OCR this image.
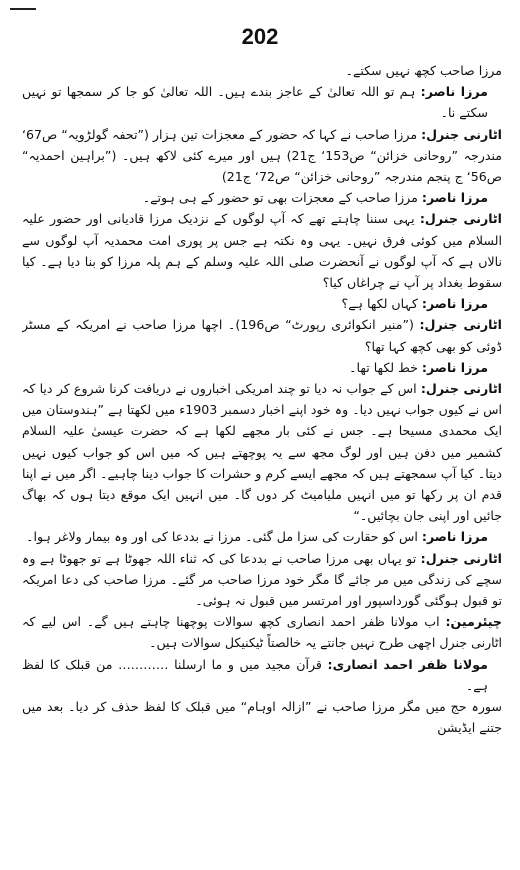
202

مرزا صاحب کچھ نہیں سکتے۔

مرزا ناصر: ہم تو اللہ تعالیٰ کے عاجز بندے ہیں۔ اللہ تعالیٰ کو جا کر سمجھا تو نہیں سکتے نا۔

اٹارنی جنرل: مرزا صاحب نے کہا کہ حضور کے معجزات تین ہزار (”تحفہ گولڑویہ“ ص67‘ مندرجہ ”روحانی خزائن“ ص153‘ ج21) ہیں اور میرے کئی لاکھ ہیں۔ (”براہین احمدیہ“ ص56‘ ج پنجم مندرجہ ”روحانی خزائن“ ص72‘ ج21)

مرزا ناصر: مرزا صاحب کے معجزات بھی تو حضور کے ہی ہوتے۔

اٹارنی جنرل: یہی سننا چاہتے تھے کہ آپ لوگوں کے نزدیک مرزا قادیانی اور حضور علیہ السلام میں کوئی فرق نہیں۔ یہی وہ نکتہ ہے جس پر پوری امت محمدیہ آپ لوگوں سے نالاں ہے کہ آپ لوگوں نے آنحضرت صلی اللہ علیہ وسلم کے ہم پلہ مرزا کو بنا دیا ہے۔ کیا سقوط بغداد پر آپ نے چراغاں کیا؟

مرزا ناصر: کہاں لکھا ہے؟

اٹارنی جنرل: (”منیر انکوائری رپورٹ“ ص196)۔ اچھا مرزا صاحب نے امریکہ کے مسٹر ڈوئی کو بھی کچھ کہا تھا؟

مرزا ناصر: خط لکھا تھا۔

اٹارنی جنرل: اس کے جواب نہ دیا تو چند امریکی اخباروں نے دریافت کرنا شروع کر دیا کہ اس نے کیوں جواب نہیں دیا۔ وہ خود اپنے اخبار دسمبر 1903ء میں لکھتا ہے ”ہندوستان میں ایک محمدی مسیحا ہے۔ جس نے کئی بار مجھے لکھا ہے کہ حضرت عیسیٰ علیہ السلام کشمیر میں دفن ہیں اور لوگ مجھ سے یہ پوچھتے ہیں کہ میں اس کو جواب کیوں نہیں دیتا۔ کیا آپ سمجھتے ہیں کہ مجھے ایسے کرم و حشرات کا جواب دینا چاہیے۔ اگر میں نے اپنا قدم ان پر رکھا تو میں انہیں ملیامیٹ کر دوں گا۔ میں انہیں ایک موقع دیتا ہوں کہ بھاگ جائیں اور اپنی جان بچائیں۔“

مرزا ناصر: اس کو حقارت کی سزا مل گئی۔ مرزا نے بددعا کی اور وہ بیمار ولاغر ہوا۔

اٹارنی جنرل: تو یہاں بھی مرزا صاحب نے بددعا کی کہ ثناء اللہ جھوٹا ہے تو جھوٹا ہے وہ سچے کی زندگی میں مر جائے گا مگر خود مرزا صاحب مر گئے۔ مرزا صاحب کی دعا امریکہ تو قبول ہوگئی گورداسپور اور امرتسر میں قبول نہ ہوئی۔

چیئرمین: اب مولانا ظفر احمد انصاری کچھ سوالات پوچھنا چاہتے ہیں گے۔ اس لیے کہ اٹارنی جنرل اچھی طرح نہیں جانتے یہ خالصتاً ٹیکنیکل سوالات ہیں۔

مولانا ظفر احمد انصاری: قرآن مجید میں و ما ارسلنا ………… من قبلک کا لفظ ہے۔

سورہ حج میں مگر مرزا صاحب نے ”ازالہ اوہام“ میں قبلک کا لفظ حذف کر دیا۔ بعد میں جتنے ایڈیشن
